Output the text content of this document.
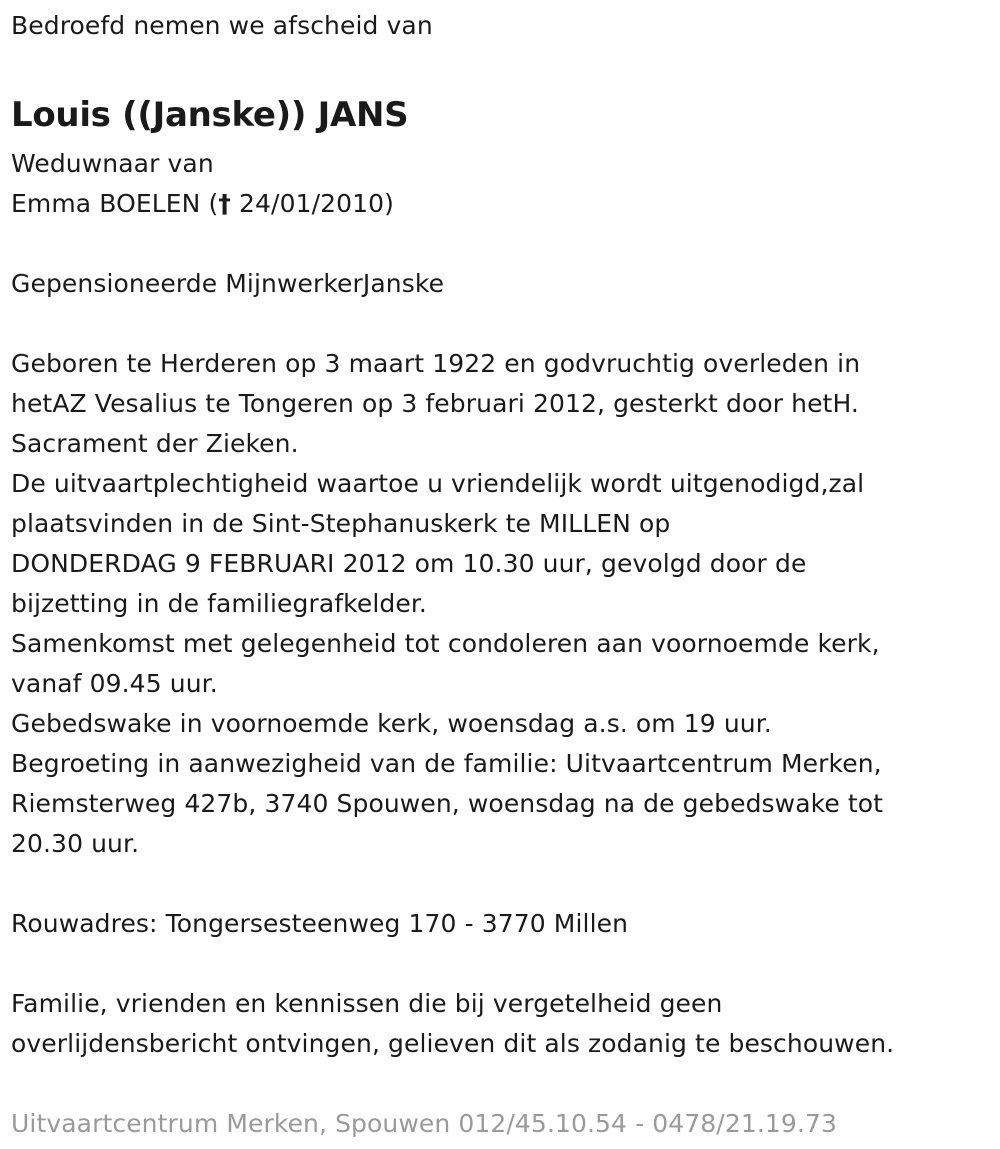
Bedroefd nemen we afscheid van
Louis ((Janske)) JANS
Weduwnaar van
Emma BOELEN († 24/01/2010)
Gepensioneerde MijnwerkerJanske
Geboren te Herderen op 3 maart 1922 en godvruchtig overleden in
hetAZ Vesalius te Tongeren op 3 februari 2012, gesterkt door hetH.
Sacrament der Zieken.
De uitvaartplechtigheid waartoe u vriendelijk wordt uitgenodigd,zal
plaatsvinden in de Sint-Stephanuskerk te MILLEN op
DONDERDAG 9 FEBRUARI 2012 om 10.30 uur, gevolgd door de
bijzetting in de familiegrafkelder.
Samenkomst met gelegenheid tot condoleren aan voornoemde kerk,
vanaf 09.45 uur.
Gebedswake in voornoemde kerk, woensdag a.s. om 19 uur.
Begroeting in aanwezigheid van de familie: Uitvaartcentrum Merken,
Riemsterweg 427b, 3740 Spouwen, woensdag na de gebedswake tot
20.30 uur.
Rouwadres: Tongersesteenweg 170 - 3770 Millen
Familie, vrienden en kennissen die bij vergetelheid geen
overlijdensbericht ontvingen, gelieven dit als zodanig te beschouwen.
Uitvaartcentrum Merken, Spouwen 012/45.10.54 - 0478/21.19.73
